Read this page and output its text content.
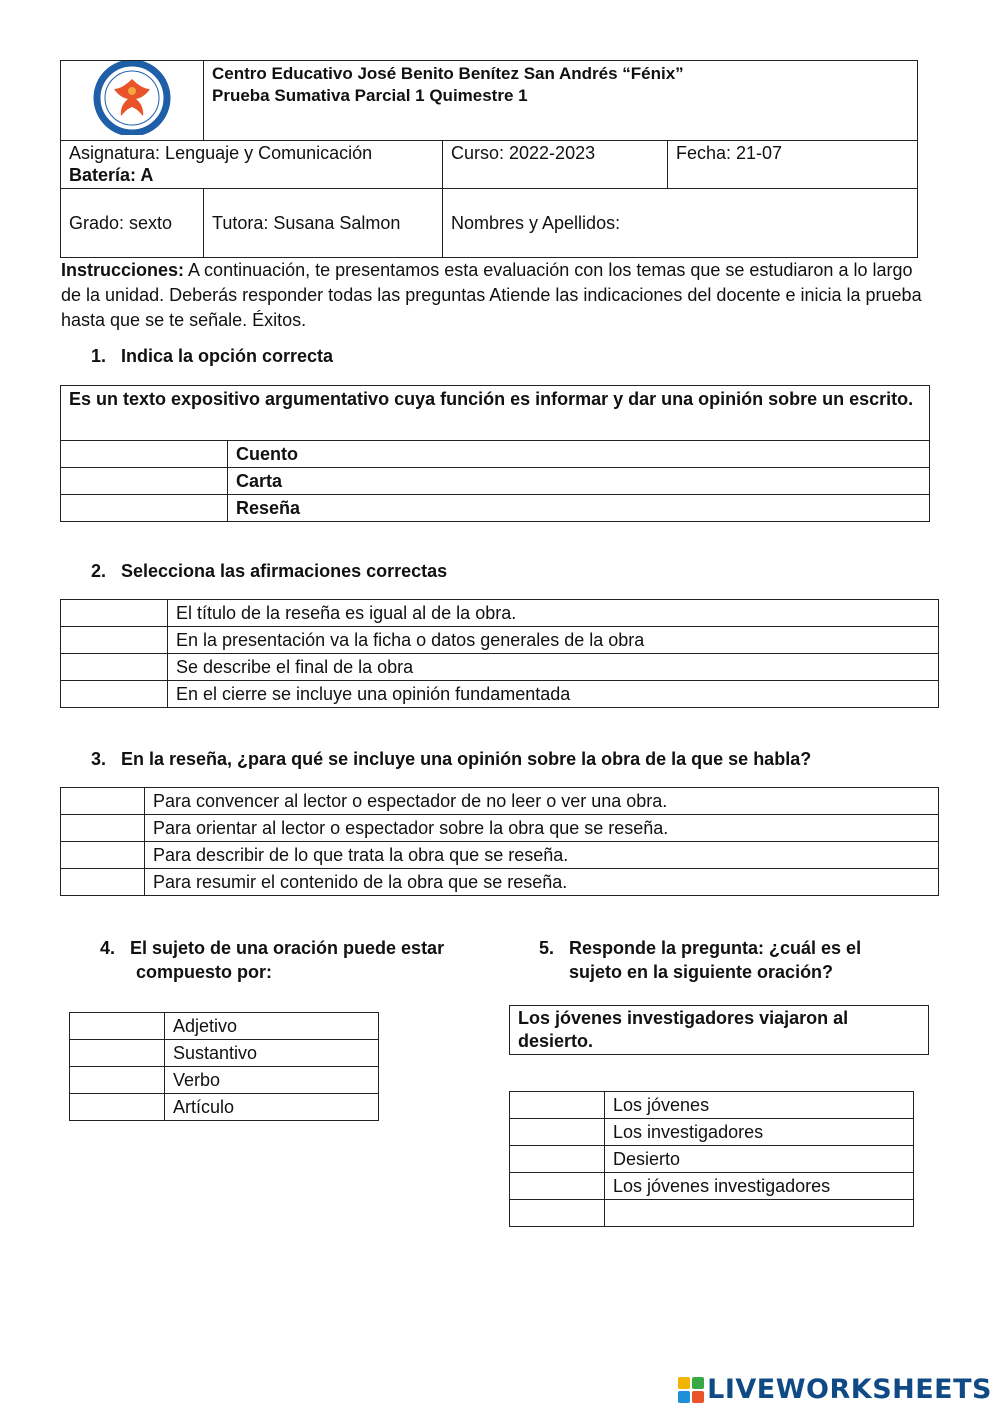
Centro Educativo José Benito Benítez San Andrés “Fénix”
Prueba Sumativa Parcial 1 Quimestre 1		

Asignatura: Lenguaje y Comunicación
Batería: A		Curso: 2022-2023	Fecha: 21-07
Grado: sexto	Tutora: Susana Salmon	Nombres y Apellidos:	
Instrucciones: A continuación, te presentamos esta evaluación con los temas que se estudiaron a lo largo de la unidad. Deberás responder todas las preguntas Atiende las indicaciones del docente e inicia la prueba hasta que se te señale. Éxitos.
1. Indica la opción correcta
Es un texto expositivo argumentativo cuya función es informar y dar una opinión sobre un escrito.	
	Cuento
	Carta
	Reseña
2. Selecciona las afirmaciones correctas
	El título de la reseña es igual al de la obra.
	En la presentación va la ficha o datos generales de la obra
	Se describe el final de la obra
	En el cierre se incluye una opinión fundamentada
3. En la reseña, ¿para qué se incluye una opinión sobre la obra de la que se habla?
	Para convencer al lector o espectador de no leer o ver una obra.
	Para orientar al lector o espectador sobre la obra que se reseña.
	Para describir de lo que trata la obra que se reseña.
	Para resumir el contenido de la obra que se reseña.
4. El sujeto de una oración puede estar
compuesto por:
	Adjetivo
	Sustantivo
	Verbo
	Artículo
5. Responde la pregunta: ¿cuál es el
sujeto en la siguiente oración?
Los jóvenes investigadores viajaron al desierto.
	Los jóvenes
	Los investigadores
	Desierto
	Los jóvenes investigadores

LIVEWORKSHEETS
